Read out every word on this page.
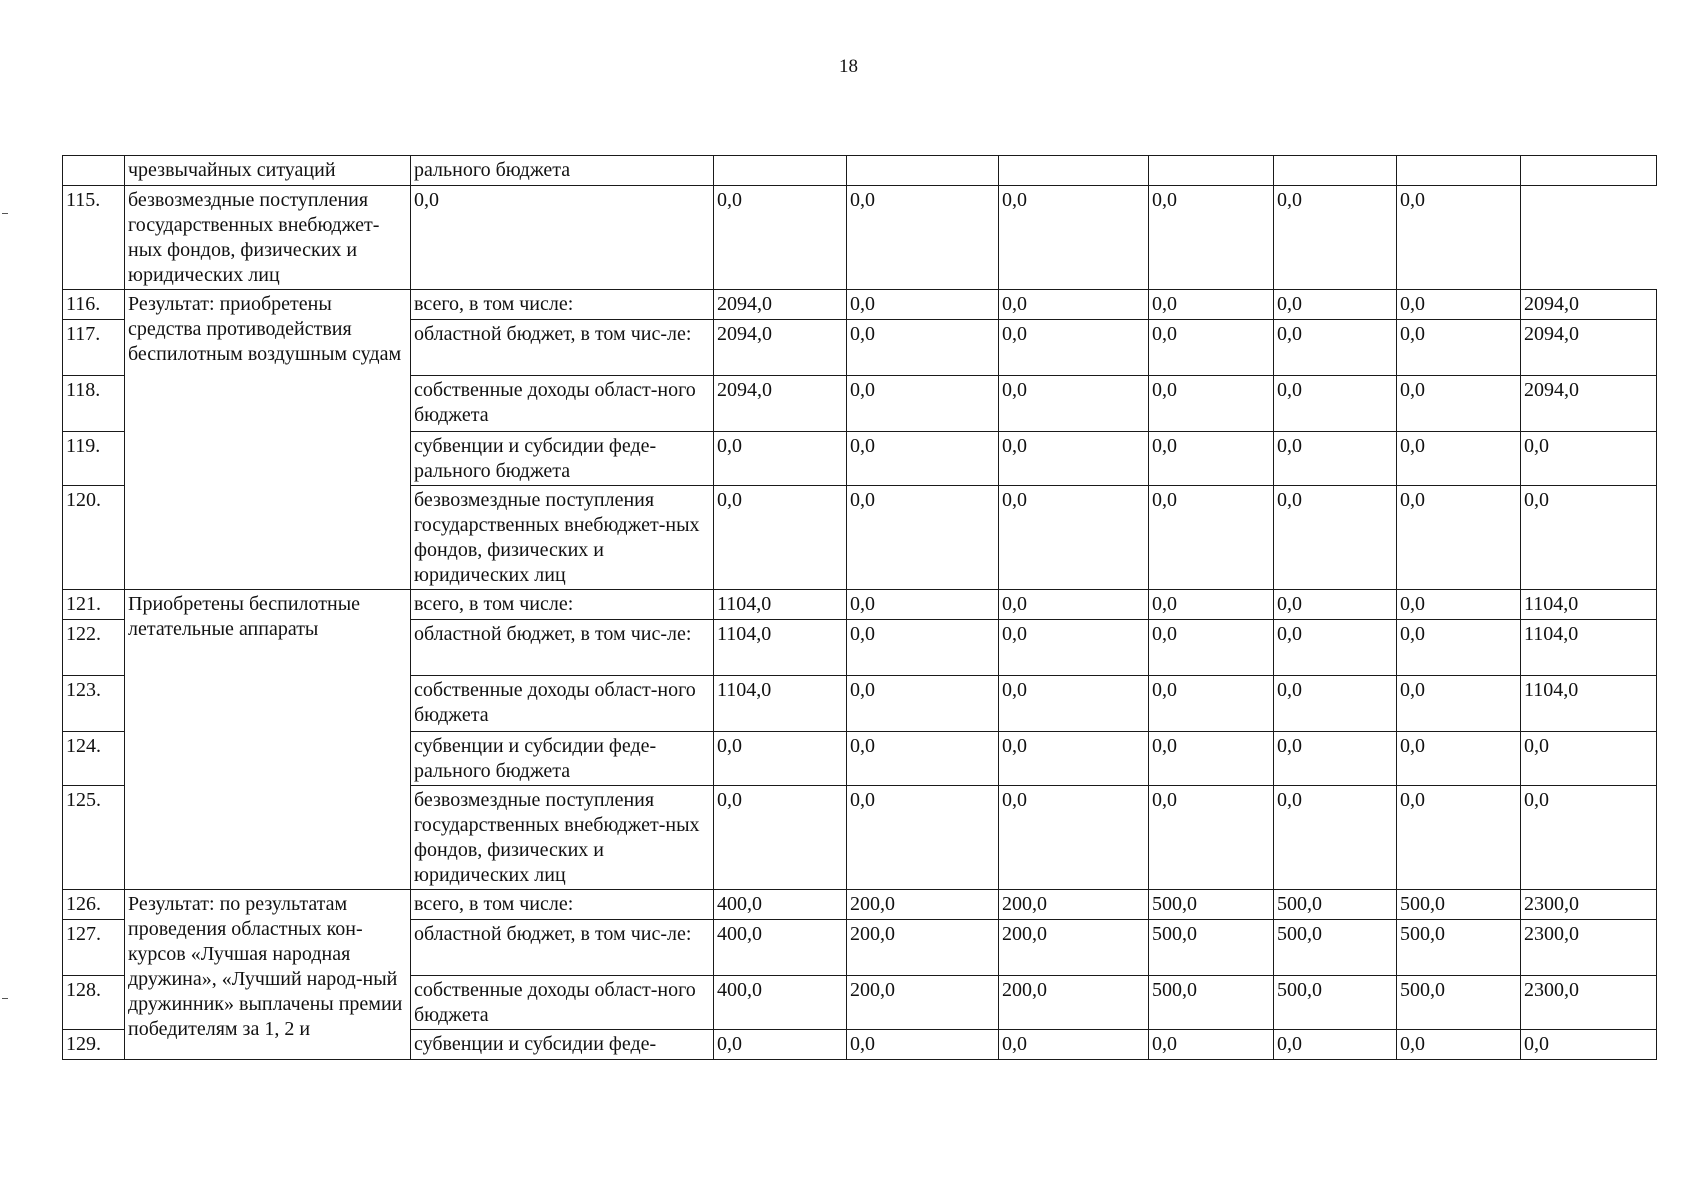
18
	чрезвычайных ситуаций	рального бюджета							
115.	безвозмездные поступления государственных внебюджет-ных фондов, физических и юридических лиц	0,0	0,0	0,0	0,0	0,0	0,0	0,0	
116.	Результат: приобретены средства противодействия беспилотным воздушным судам	всего, в том числе:	2094,0	0,0	0,0	0,0	0,0	0,0	2094,0
117.		областной бюджет, в том чис-ле:	2094,0	0,0	0,0	0,0	0,0	0,0	2094,0
118.		собственные доходы област-ного бюджета	2094,0	0,0	0,0	0,0	0,0	0,0	2094,0
119.		субвенции и субсидии феде-рального бюджета	0,0	0,0	0,0	0,0	0,0	0,0	0,0
120.		безвозмездные поступления государственных внебюджет-ных фондов, физических и юридических лиц	0,0	0,0	0,0	0,0	0,0	0,0	0,0
121.	Приобретены беспилотные летательные аппараты	всего, в том числе:	1104,0	0,0	0,0	0,0	0,0	0,0	1104,0
122.		областной бюджет, в том чис-ле:	1104,0	0,0	0,0	0,0	0,0	0,0	1104,0
123.		собственные доходы област-ного бюджета	1104,0	0,0	0,0	0,0	0,0	0,0	1104,0
124.		субвенции и субсидии феде-рального бюджета	0,0	0,0	0,0	0,0	0,0	0,0	0,0
125.		безвозмездные поступления государственных внебюджет-ных фондов, физических и юридических лиц	0,0	0,0	0,0	0,0	0,0	0,0	0,0
126.	Результат: по результатам проведения областных кон-курсов «Лучшая народная дружина», «Лучший народ-ный дружинник» выплачены премии победителям за 1, 2 и	всего, в том числе:	400,0	200,0	200,0	500,0	500,0	500,0	2300,0
127.		областной бюджет, в том чис-ле:	400,0	200,0	200,0	500,0	500,0	500,0	2300,0
128.		собственные доходы област-ного бюджета	400,0	200,0	200,0	500,0	500,0	500,0	2300,0
129.		субвенции и субсидии феде-	0,0	0,0	0,0	0,0	0,0	0,0	0,0
